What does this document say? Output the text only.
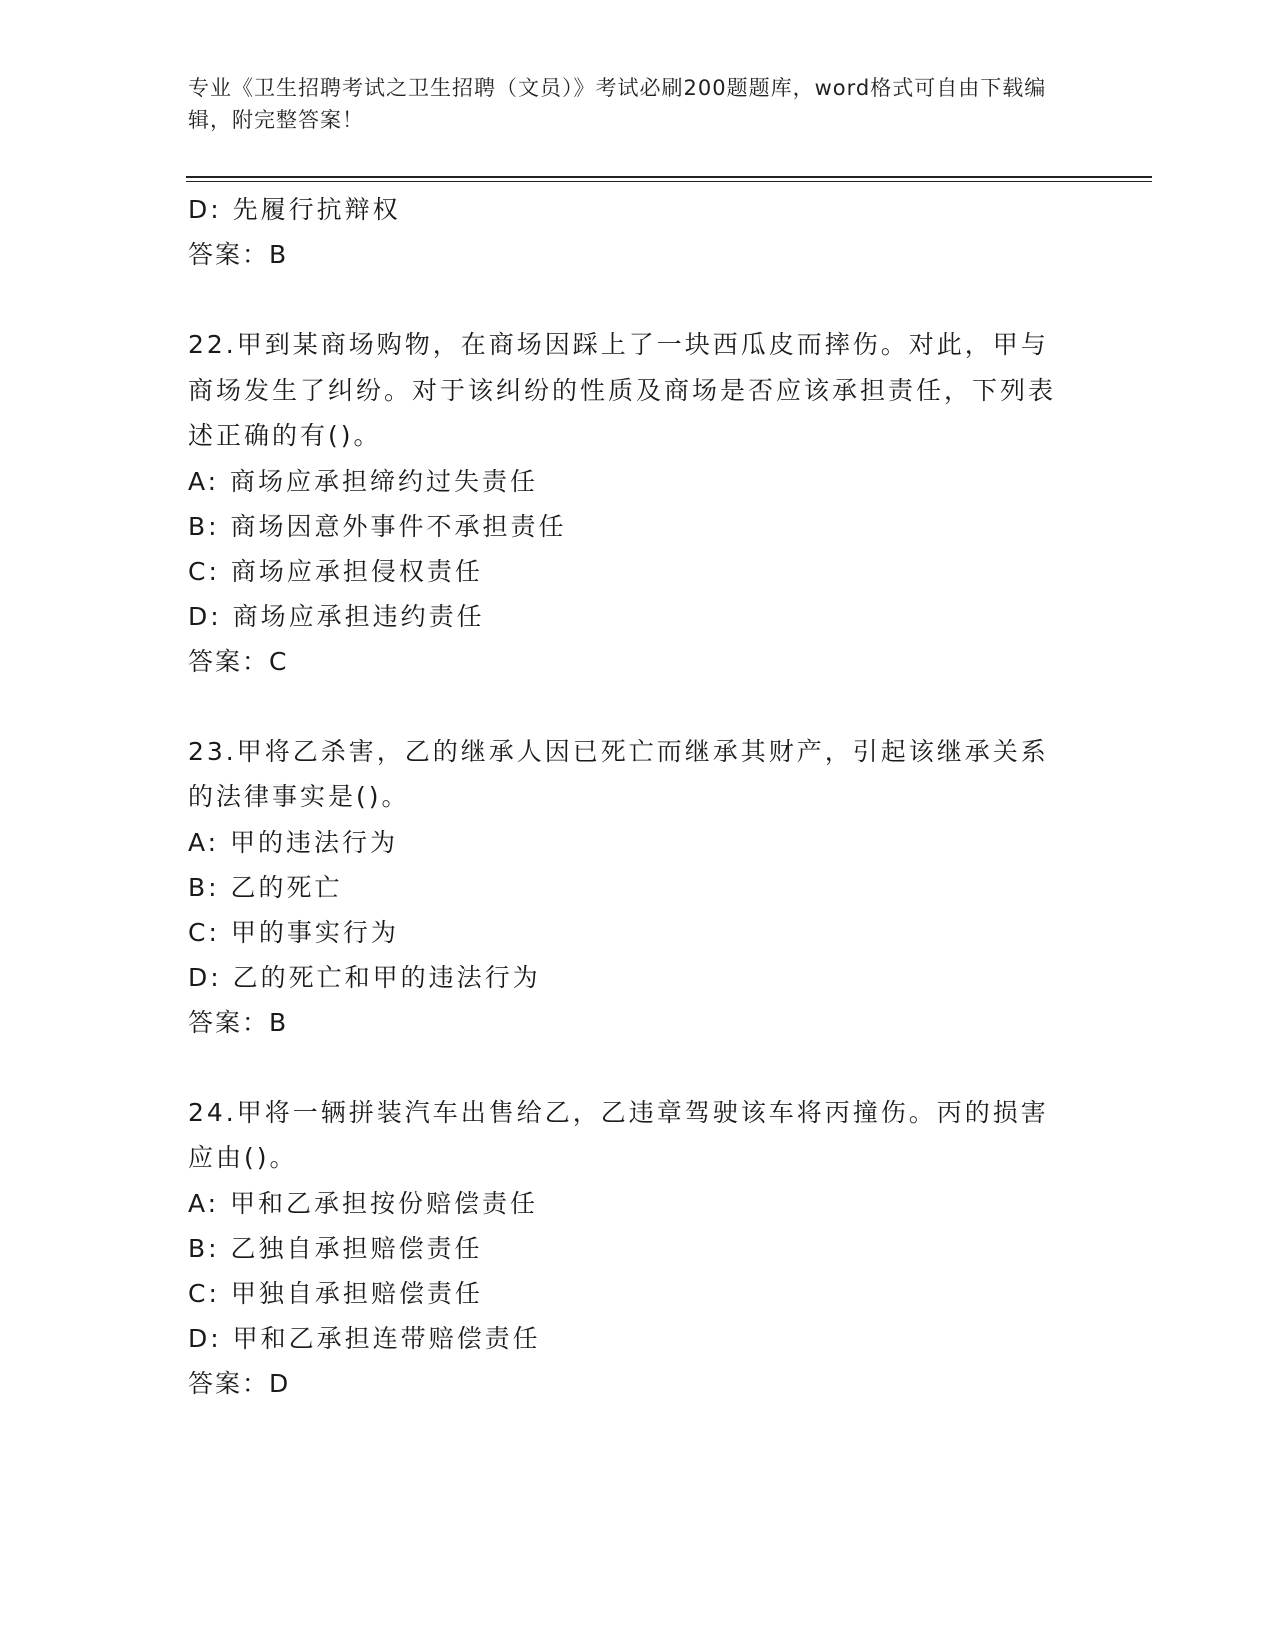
专业《卫生招聘考试之卫生招聘（文员）》考试必刷200题题库，word格式可自由下载编辑，附完整答案！
D: 先履行抗辩权
答案：B
22.甲到某商场购物，在商场因踩上了一块西瓜皮而摔伤。对此，甲与商场发生了纠纷。对于该纠纷的性质及商场是否应该承担责任，下列表述正确的有()。
A: 商场应承担缔约过失责任
B: 商场因意外事件不承担责任
C: 商场应承担侵权责任
D: 商场应承担违约责任
答案：C
23.甲将乙杀害，乙的继承人因已死亡而继承其财产，引起该继承关系的法律事实是()。
A: 甲的违法行为
B: 乙的死亡
C: 甲的事实行为
D: 乙的死亡和甲的违法行为
答案：B
24.甲将一辆拼装汽车出售给乙，乙违章驾驶该车将丙撞伤。丙的损害应由()。
A: 甲和乙承担按份赔偿责任
B: 乙独自承担赔偿责任
C: 甲独自承担赔偿责任
D: 甲和乙承担连带赔偿责任
答案：D
